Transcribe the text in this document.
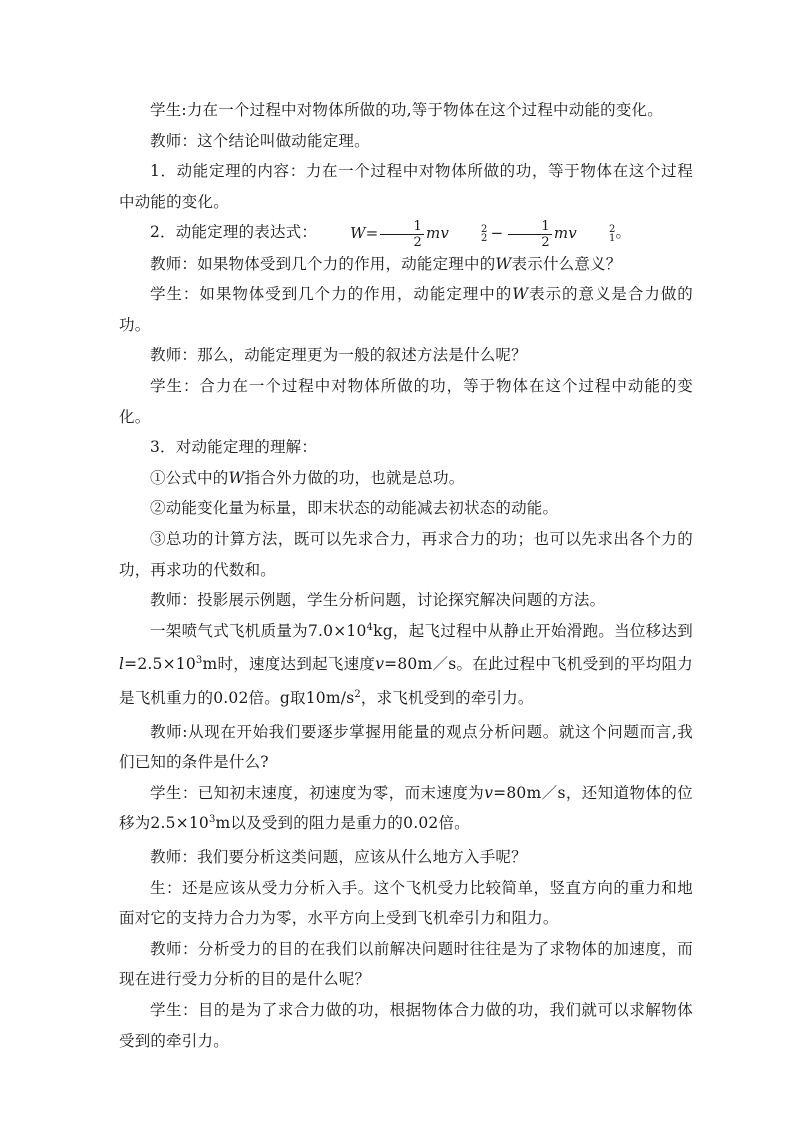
学生:力在一个过程中对物体所做的功,等于物体在这个过程中动能的变化。

教师：这个结论叫做动能定理。

1．动能定理的内容：力在一个过程中对物体所做的功，等于物体在这个过程中动能的变化。

2．动能定理的表达式： $W= \frac{1}{2}$ mv	2
$2 - \frac{1}{2}$ mv	2
1 。

教师：如果物体受到几个力的作用，动能定理中的W表示什么意义？

学生：如果物体受到几个力的作用，动能定理中的W表示的意义是合力做的功。

教师：那么，动能定理更为一般的叙述方法是什么呢？

学生：合力在一个过程中对物体所做的功，等于物体在这个过程中动能的变化。

3．对动能定理的理解：

①公式中的W指合外力做的功，也就是总功。

②动能变化量为标量，即末状态的动能减去初状态的动能。

③总功的计算方法，既可以先求合力，再求合力的功；也可以先求出各个力的功，再求功的代数和。

教师：投影展示例题，学生分析问题，讨论探究解决问题的方法。

一架喷气式飞机质量为$7.0\times 10^4kg$，起飞过程中从静止开始滑跑。当位移达到$l=2.5\times 10^3m$时，速度达到起飞速度v=80m／s。在此过程中飞机受到的平均阻力是飞机重力的0.02倍。g取$10m/s^2$，求飞机受到的牵引力。

教师:从现在开始我们要逐步掌握用能量的观点分析问题。就这个问题而言,我们已知的条件是什么?

学生：已知初末速度，初速度为零，而末速度为v=80m／s，还知道物体的位移为$2.5\times 10^3m$以及受到的阻力是重力的0.02倍。

教师：我们要分析这类问题，应该从什么地方入手呢？

生：还是应该从受力分析入手。这个飞机受力比较简单，竖直方向的重力和地面对它的支持力合力为零，水平方向上受到飞机牵引力和阻力。

教师：分析受力的目的在我们以前解决问题时往往是为了求物体的加速度，而现在进行受力分析的目的是什么呢？

学生：目的是为了求合力做的功，根据物体合力做的功，我们就可以求解物体受到的牵引力。
